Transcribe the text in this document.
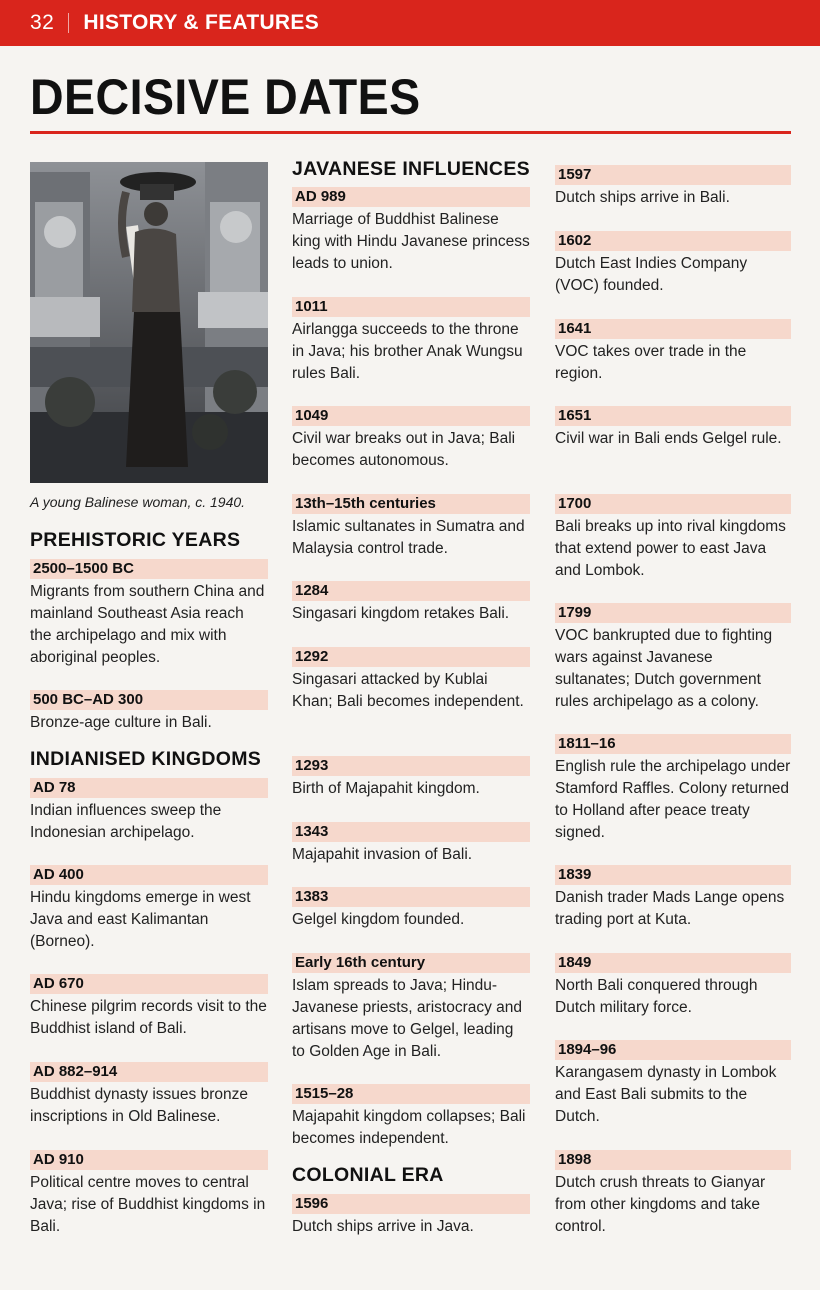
32 HISTORY & FEATURES
DECISIVE DATES
A young Balinese woman, c. 1940.
PREHISTORIC YEARS
2500–1500 BC
Migrants from southern China and mainland Southeast Asia reach the archipelago and mix with aboriginal peoples.
500 BC–AD 300
Bronze-age culture in Bali.
INDIANISED KINGDOMS
AD 78
Indian influences sweep the Indonesian archipelago.
AD 400
Hindu kingdoms emerge in west Java and east Kalimantan (Borneo).
AD 670
Chinese pilgrim records visit to the Buddhist island of Bali.
AD 882–914
Buddhist dynasty issues bronze inscriptions in Old Balinese.
AD 910
Political centre moves to central Java; rise of Buddhist kingdoms in Bali.
JAVANESE INFLUENCES
AD 989
Marriage of Buddhist Balinese king with Hindu Javanese princess leads to union.
1011
Airlangga succeeds to the throne in Java; his brother Anak Wungsu rules Bali.
1049
Civil war breaks out in Java; Bali becomes autonomous.
13th–15th centuries
Islamic sultanates in Sumatra and Malaysia control trade.
1284
Singasari kingdom retakes Bali.
1292
Singasari attacked by Kublai Khan; Bali becomes independent.
1293
Birth of Majapahit kingdom.
1343
Majapahit invasion of Bali.
1383
Gelgel kingdom founded.
Early 16th century
Islam spreads to Java; Hindu-Javanese priests, aristocracy and artisans move to Gelgel, leading to Golden Age in Bali.
1515–28
Majapahit kingdom collapses; Bali becomes independent.
COLONIAL ERA
1596
Dutch ships arrive in Java.
1597
Dutch ships arrive in Bali.
1602
Dutch East Indies Company (VOC) founded.
1641
VOC takes over trade in the region.
1651
Civil war in Bali ends Gelgel rule.
1700
Bali breaks up into rival kingdoms that extend power to east Java and Lombok.
1799
VOC bankrupted due to fighting wars against Javanese sultanates; Dutch government rules archipelago as a colony.
1811–16
English rule the archipelago under Stamford Raffles. Colony returned to Holland after peace treaty signed.
1839
Danish trader Mads Lange opens trading port at Kuta.
1849
North Bali conquered through Dutch military force.
1894–96
Karangasem dynasty in Lombok and East Bali submits to the Dutch.
1898
Dutch crush threats to Gianyar from other kingdoms and take control.
